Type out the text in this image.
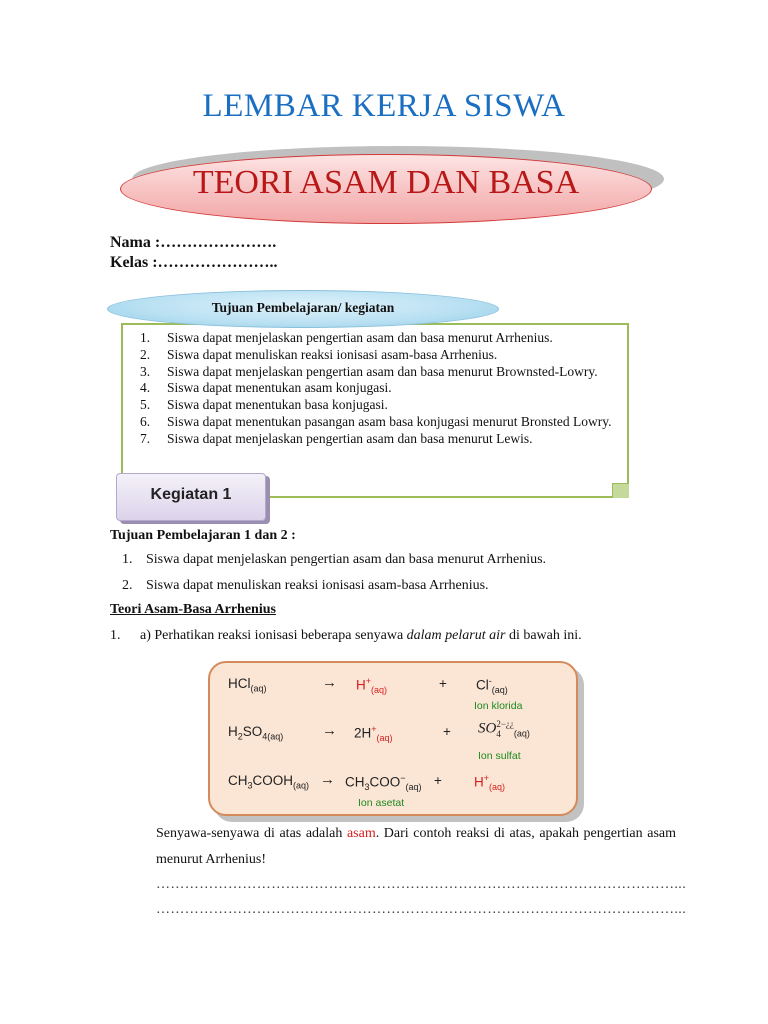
LEMBAR KERJA SISWA
TEORI ASAM DAN BASA
Nama :………………….
Kelas :…………………..
Tujuan Pembelajaran/ kegiatan
1.	Siswa dapat menjelaskan pengertian asam dan basa menurut Arrhenius.
2.	Siswa dapat menuliskan reaksi ionisasi asam-basa Arrhenius.
3.	Siswa dapat menjelaskan pengertian asam dan basa menurut Brownsted-Lowry.
4.	Siswa dapat menentukan asam konjugasi.
5.	Siswa dapat menentukan basa konjugasi.
6.	Siswa dapat menentukan pasangan asam basa konjugasi menurut Bronsted Lowry.
7.	Siswa dapat menjelaskan pengertian asam dan basa menurut Lewis.
Kegiatan 1
Tujuan Pembelajaran 1 dan 2 :
1. Siswa dapat menjelaskan pengertian asam dan basa menurut Arrhenius.
2. Siswa dapat menuliskan reaksi ionisasi asam-basa Arrhenius.
Teori Asam-Basa Arrhenius
1. a) Perhatikan reaksi ionisasi beberapa senyawa dalam pelarut air di bawah ini.
HCl$_{(aq)}$	→ $H^+_{(aq)}$	+ $Cl^-_{(aq)}$
Ion klorida
$H_2SO_{4(aq)}$	→ $2H^+_{(aq)}$	+ SO 2−¿¿
4	$_{(aq)}$
Ion sulfat
$CH_3COOH_{(aq)} \to CH_3COO^-_{(aq)} + H^+_{(aq)}$
Ion asetat
Senyawa-senyawa di atas adalah asam. Dari contoh reaksi di atas, apakah pengertian asam menurut Arrhenius!
………………………………………………………………………………………………...
………………………………………………………………………………………………...
